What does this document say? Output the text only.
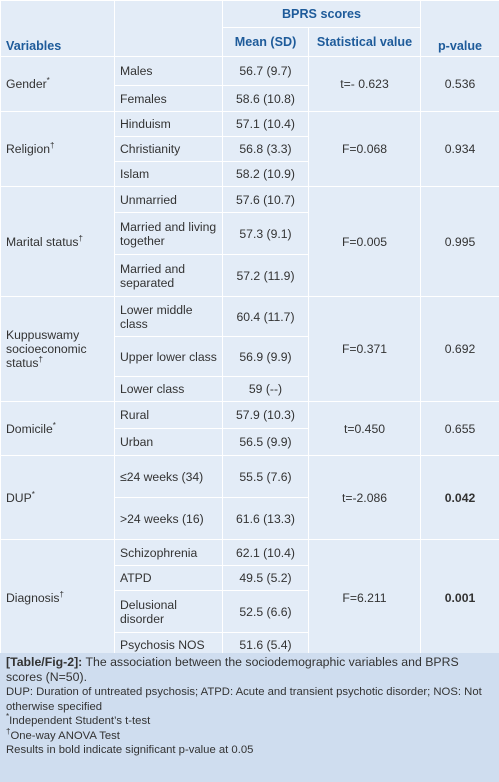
Variables		BPRS scores		p-value
		Mean (SD)	Statistical value	
Gender*	Males	56.7 (9.7)	t=- 0.623	0.536
	Females	58.6 (10.8)		
Religion†	Hinduism	57.1 (10.4)	F=0.068	0.934
	Christianity	56.8 (3.3)		
	Islam	58.2 (10.9)		
Marital status†	Unmarried	57.6 (10.7)	F=0.005	0.995
	Married and living together	57.3 (9.1)		
	Married and separated	57.2 (11.9)		
Kuppuswamy socioeconomic status†	Lower middle class	60.4 (11.7)	F=0.371	0.692
	Upper lower class	56.9 (9.9)		
	Lower class	59 (--)		
Domicile*	Rural	57.9 (10.3)	t=0.450	0.655
	Urban	56.5 (9.9)		
DUP*	≤24 weeks (34)	55.5 (7.6)	t=-2.086	0.042
	>24 weeks (16)	61.6 (13.3)		
Diagnosis†	Schizophrenia	62.1 (10.4)	F=6.211	0.001
	ATPD	49.5 (5.2)		
	Delusional disorder	52.5 (6.6)		
	Psychosis NOS	51.6 (5.4)		
[Table/Fig-2]: The association between the sociodemographic variables and BPRS scores (N=50).
DUP: Duration of untreated psychosis; ATPD: Acute and transient psychotic disorder; NOS: Not otherwise specified
*Independent Student’s t-test
†One-way ANOVA Test
Results in bold indicate significant p-value at 0.05
